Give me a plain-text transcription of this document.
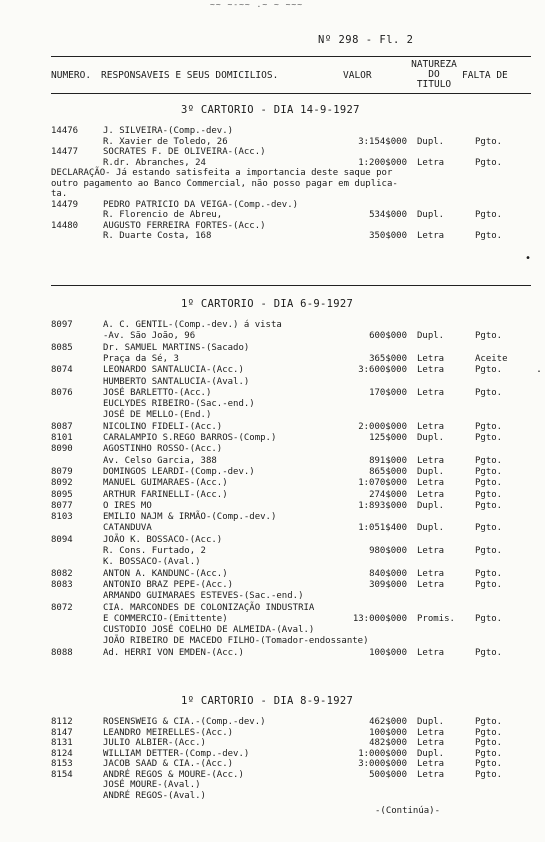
~~ ~-~~ .~ ~ ~~~
Nº 298 - Fl. 2
NUMERO. RESPONSAVEIS E SEUS DOMICILIOS.	VALOR
NATUREZA
DO
TITULO
FALTA DE
3º CARTORIO - DIA 14-9-1927
14476	J. SILVEIRA-(Comp.-dev.)
R. Xavier de Toledo, 26	3:154$000 Dupl.	Pgto.
14477	SOCRATES F. DE OLIVEIRA-(Acc.)
R.dr. Abranches, 24	1:200$000 Letra	Pgto.
DECLARAÇÃO- Já estando satisfeita a importancia deste saque por
outro pagamento ao Banco Commercial, não posso pagar em duplica-
ta.
14479	PEDRO PATRICIO DA VEIGA-(Comp.-dev.)
R. Florencio de Abreu,	534$000 Dupl.	Pgto.
14480	AUGUSTO FERREIRA FORTES-(Acc.)
R. Duarte Costa, 168	350$000 Letra	Pgto.
1º CARTORIO - DIA 6-9-1927
8097	A. C. GENTIL-(Comp.-dev.) á vista
-Av. São João, 96	600$000 Dupl.	Pgto.
8085	Dr. SAMUEL MARTINS-(Sacado)
Praça da Sé, 3	365$000 Letra	Aceite
8074	LEONARDO SANTALUCIA-(Acc.)	3:600$000 Letra	Pgto.
HUMBERTO SANTALUCIA-(Aval.)
8076	JOSÉ BARLETTO-(Acc.)	170$000 Letra	Pgto.
EUCLYDES RIBEIRO-(Sac.-end.)
JOSÉ DE MELLO-(End.)
8087	NICOLINO FIDELI-(Acc.)	2:000$000 Letra	Pgto.
8101	CARALAMPIO S.REGO BARROS-(Comp.)	125$000 Dupl.	Pgto.
8090	AGOSTINHO ROSSO-(Acc.)
Av. Celso Garcia, 388	891$000 Letra	Pgto.
8079	DOMINGOS LEARDI-(Comp.-dev.)	865$000 Dupl.	Pgto.
8092	MANUEL GUIMARAES-(Acc.)	1:070$000 Letra	Pgto.
8095	ARTHUR FARINELLI-(Acc.)	274$000 Letra	Pgto.
8077	O IRES MO	1:893$000 Dupl.	Pgto.
8103	EMILIO NAJM & IRMÃO-(Comp.-dev.)
CATANDUVA	1:051$400 Dupl.	Pgto.
8094	JOÃO K. BOSSACO-(Acc.)
R. Cons. Furtado, 2	980$000 Letra	Pgto.
K. BOSSACO-(Aval.)
8082	ANTON A. KANDUNC-(Acc.)	840$000 Letra	Pgto.
8083	ANTONIO BRAZ PEPE-(Acc.)	309$000 Letra	Pgto.
ARMANDO GUIMARAES ESTEVES-(Sac.-end.)
8072	CIA. MARCONDES DE COLONIZAÇÃO INDUSTRIA
E COMMERCIO-(Emittente)	13:000$000 Promis. Pgto.
CUSTODIO JOSÉ COELHO DE ALMEIDA-(Aval.)
JOÃO RIBEIRO DE MACEDO FILHO-(Tomador-endossante)
8088	Ad. HERRI VON EMDEN-(Acc.)	100$000 Letra	Pgto.
1º CARTORIO - DIA 8-9-1927
8112	ROSENSWEIG & CIA.-(Comp.-dev.)	462$000 Dupl.	Pgto.
8147	LEANDRO MEIRELLES-(Acc.)	100$000 Letra	Pgto.
8131	JULIO ALBIER-(Acc.)	482$000 Letra	Pgto.
8124	WILLIAM DETTER-(Comp.-dev.)	1:000$000 Dupl.	Pgto.
8153	JACOB SAAD & CIA.-(Acc.)	3:000$000 Letra	Pgto.
8154	ANDRÉ REGOS & MOURE-(Acc.)	500$000 Letra	Pgto.
JOSÉ MOURE-(Aval.)
ANDRÉ REGOS-(Aval.)
•
.
-(Continúa)-
